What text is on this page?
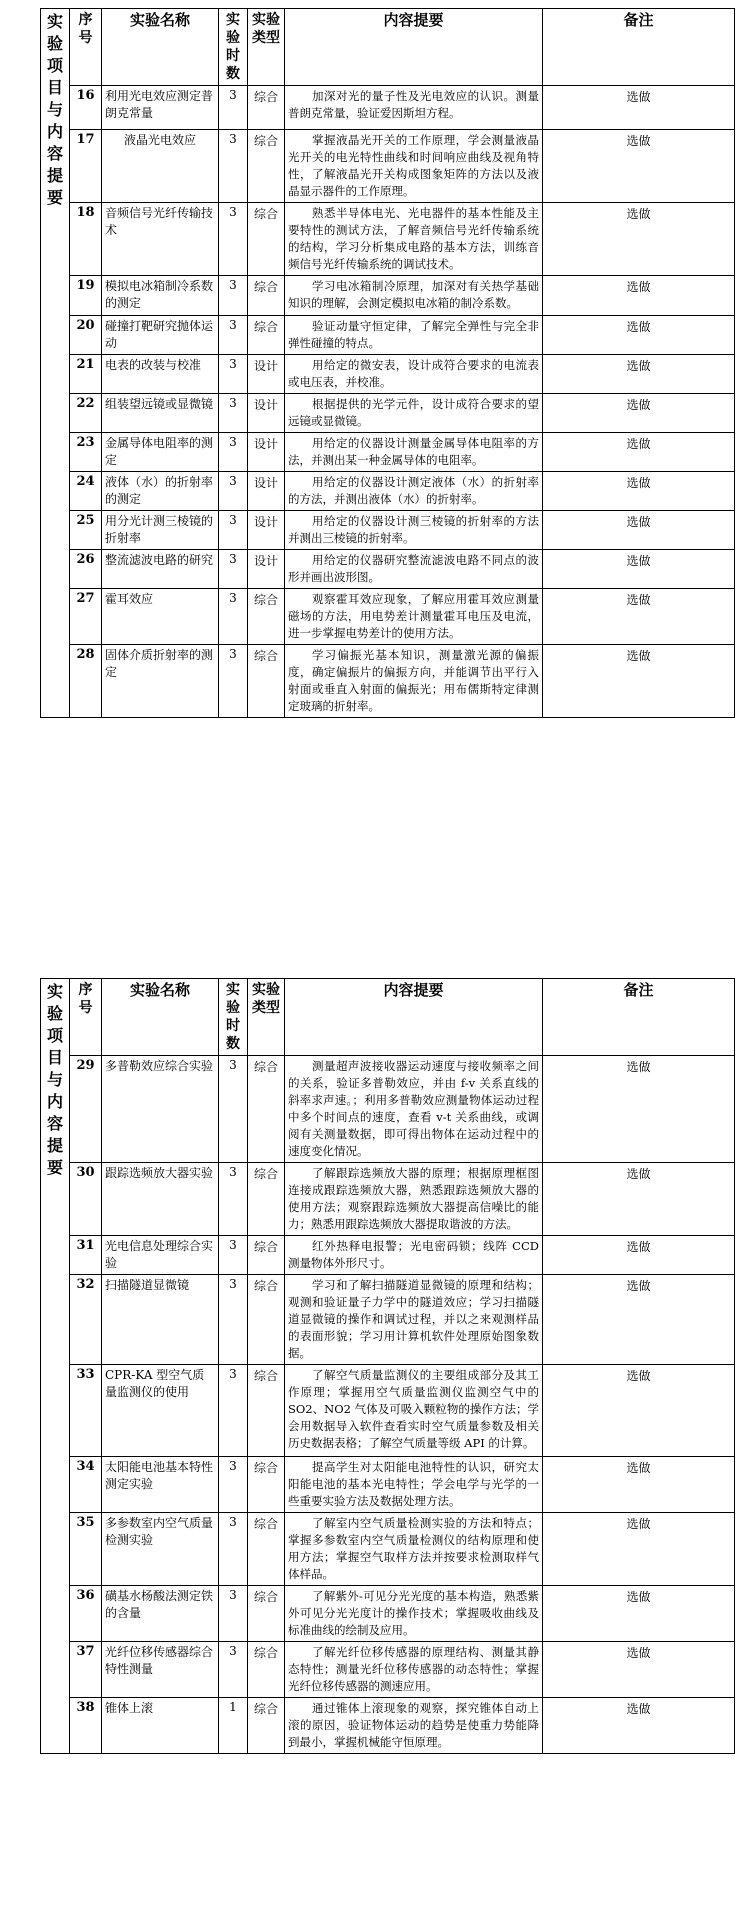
实验项目与内容提要	序号	实验名称	实验时数	实验类型	内容提要	备注
	16	利用光电效应测定普朗克常量	3	综合	加深对光的量子性及光电效应的认识。测量普朗克常量，验证爱因斯坦方程。	选做
	17	液晶光电效应	3	综合	掌握液晶光开关的工作原理，学会测量液晶光开关的电光特性曲线和时间响应曲线及视角特性，了解液晶光开关构成图象矩阵的方法以及液晶显示器件的工作原理。	选做
	18	音频信号光纤传输技术	3	综合	熟悉半导体电光、光电器件的基本性能及主要特性的测试方法，了解音频信号光纤传输系统的结构，学习分析集成电路的基本方法，训练音频信号光纤传输系统的调试技术。	选做
	19	模拟电冰箱制冷系数的测定	3	综合	学习电冰箱制冷原理，加深对有关热学基础知识的理解，会测定模拟电冰箱的制冷系数。	选做
	20	碰撞打靶研究抛体运动	3	综合	验证动量守恒定律，了解完全弹性与完全非弹性碰撞的特点。	选做
	21	电表的改装与校准	3	设计	用给定的微安表，设计成符合要求的电流表或电压表，并校准。	选做
	22	组装望远镜或显微镜	3	设计	根据提供的光学元件，设计成符合要求的望远镜或显微镜。	选做
	23	金属导体电阻率的测定	3	设计	用给定的仪器设计测量金属导体电阻率的方法，并测出某一种金属导体的电阻率。	选做
	24	液体（水）的折射率的测定	3	设计	用给定的仪器设计测定液体（水）的折射率的方法，并测出液体（水）的折射率。	选做
	25	用分光计测三棱镜的折射率	3	设计	用给定的仪器设计测三棱镜的折射率的方法并测出三棱镜的折射率。	选做
	26	整流滤波电路的研究	3	设计	用给定的仪器研究整流滤波电路不同点的波形并画出波形图。	选做
	27	霍耳效应	3	综合	观察霍耳效应现象，了解应用霍耳效应测量磁场的方法，用电势差计测量霍耳电压及电流，进一步掌握电势差计的使用方法。	选做
	28	固体介质折射率的测定	3	综合	学习偏振光基本知识，测量激光源的偏振度，确定偏振片的偏振方向，并能调节出平行入射面或垂直入射面的偏振光；用布儒斯特定律测定玻璃的折射率。	选做
实验项目与内容提要	序号	实验名称	实验时数	实验类型	内容提要	备注
	29	多普勒效应综合实验	3	综合	测量超声波接收器运动速度与接收频率之间的关系，验证多普勒效应，并由 f-v 关系直线的斜率求声速。；利用多普勒效应测量物体运动过程中多个时间点的速度，查看 v-t 关系曲线，或调阅有关测量数据，即可得出物体在运动过程中的速度变化情况。	选做
	30	跟踪选频放大器实验	3	综合	了解跟踪选频放大器的原理；根据原理框图连接成跟踪选频放大器，熟悉跟踪选频放大器的使用方法；观察跟踪选频放大器提高信噪比的能力；熟悉用跟踪选频放大器提取谐波的方法。	选做
	31	光电信息处理综合实验	3	综合	红外热释电报警；光电密码锁；线阵 CCD 测量物体外形尺寸。	选做
	32	扫描隧道显微镜	3	综合	学习和了解扫描隧道显微镜的原理和结构；观测和验证量子力学中的隧道效应；学习扫描隧道显微镜的操作和调试过程，并以之来观测样品的表面形貌；学习用计算机软件处理原始图象数据。	选做
	33	CPR-KA 型空气质量监测仪的使用	3	综合	了解空气质量监测仪的主要组成部分及其工作原理；掌握用空气质量监测仪监测空气中的 SO2、NO2 气体及可吸入颗粒物的操作方法；学会用数据导入软件查看实时空气质量参数及相关历史数据表格；了解空气质量等级 API 的计算。	选做
	34	太阳能电池基本特性测定实验	3	综合	提高学生对太阳能电池特性的认识，研究太阳能电池的基本光电特性；学会电学与光学的一些重要实验方法及数据处理方法。	选做
	35	多参数室内空气质量检测实验	3	综合	了解室内空气质量检测实验的方法和特点；掌握多参数室内空气质量检测仪的结构原理和使用方法；掌握空气取样方法并按要求检测取样气体样品。	选做
	36	磺基水杨酸法测定铁的含量	3	综合	了解紫外-可见分光光度的基本构造，熟悉紫外可见分光光度计的操作技术；掌握吸收曲线及标准曲线的绘制及应用。	选做
	37	光纤位移传感器综合特性测量	3	综合	了解光纤位移传感器的原理结构、测量其静态特性；测量光纤位移传感器的动态特性；掌握光纤位移传感器的测速应用。	选做
	38	锥体上滚	1	综合	通过锥体上滚现象的观察，探究锥体自动上滚的原因，验证物体运动的趋势是使重力势能降到最小，掌握机械能守恒原理。	选做
